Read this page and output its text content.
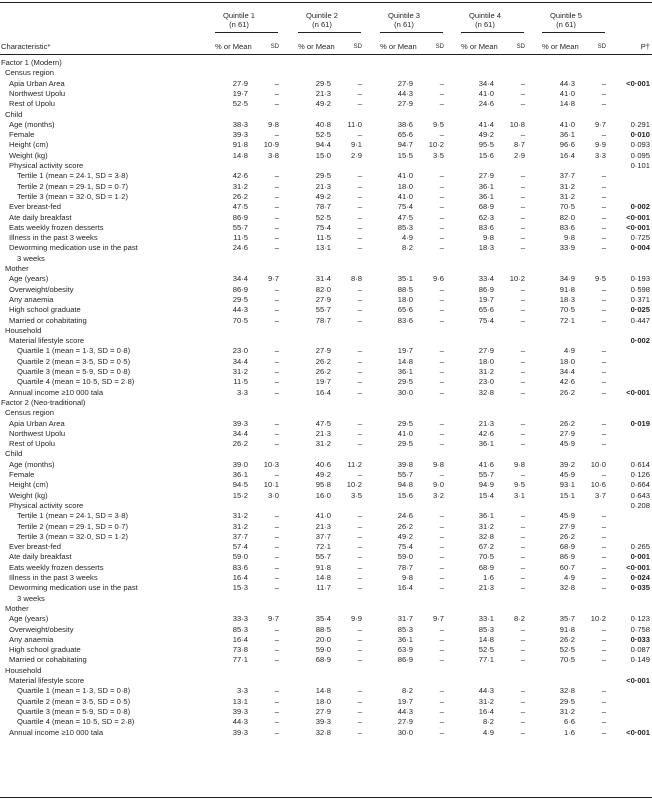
Quintile 1
(n 61)
Quintile 2
(n 61)
Quintile 3
(n 61)
Quintile 4
(n 61)
Quintile 5
(n 61)
Characteristic*	% or Mean	SD	% or Mean	SD % or Mean	SD % or Mean	SD % or Mean	SD	P†
Factor 1 (Modern)
Census region
Apia Urban Area	27·9	–	29·5	–	27·9	–	34·4	–	44·3	–	<0·001
Northwest Upolu	19·7	–	21·3	–	44·3	–	41·0	–	41·0	–
Rest of Upolu	52·5	–	49·2	–	27·9	–	24·6	–	14·8	–
Child
Age (months)	38·3	9·8	40·8	11·0	38·6	9·5	41·4	10·8	41·0	9·7	0·291
Female	39·3	–	52·5	–	65·6	–	49·2	–	36·1	–	0·010
Height (cm)	91·8	10·9	94·4	9·1	94·7	10·2	95·5	8·7	96·6	9·9	0·093
Weight (kg)	14·8	3·8	15·0	2·9	15·5	3·5	15·6	2·9	16·4	3·3	0·095
Physical activity score	0·101
Tertile 1 (mean = 24·1, SD = 3·8)	42·6	–	29·5	–	41·0	–	27·9	–	37·7	–
Tertile 2 (mean = 29·1, SD = 0·7)	31·2	–	21·3	–	18·0	–	36·1	–	31·2	–
Tertile 3 (mean = 32·0, SD = 1·2)	26·2	–	49·2	–	41·0	–	36·1	–	31·2	–
Ever breast-fed	47·5	–	78·7	–	75·4	–	68·9	–	70·5	–	0·002
Ate daily breakfast	86·9	–	52·5	–	47·5	–	62·3	–	82·0	–	<0·001
Eats weekly frozen desserts	55·7	–	75·4	–	85·3	–	83·6	–	83·6	–	<0·001
Illness in the past 3 weeks	11·5	–	11·5	–	4·9	–	9·8	–	9·8	–	0·725
Deworming medication use in the past	24·6	–	13·1	–	8·2	–	18·3	–	33·9	–	0·004
3 weeks
Mother
Age (years)	34·4	9·7	31·4	8·8	35·1	9·6	33·4	10·2	34·9	9·5	0·193
Overweight/obesity	86·9	–	82·0	–	88·5	–	86·9	–	91·8	–	0·598
Any anaemia	29·5	–	27·9	–	18·0	–	19·7	–	18·3	–	0·371
High school graduate	44·3	–	55·7	–	65·6	–	65·6	–	70·5	–	0·025
Married or cohabitating	70·5	–	78·7	–	83·6	–	75·4	–	72·1	–	0·447
Household
Material lifestyle score	0·002
Quartile 1 (mean = 1·3, SD = 0·8)	23·0	–	27·9	–	19·7	–	27·9	–	4·9	–
Quartile 2 (mean = 3·5, SD = 0·5)	34·4	–	26·2	–	14·8	–	18·0	–	18·0	–
Quartile 3 (mean = 5·9, SD = 0·8)	31·2	–	26·2	–	36·1	–	31·2	–	34·4	–
Quartile 4 (mean = 10·5, SD = 2·8)	11·5	–	19·7	–	29·5	–	23·0	–	42·6	–
Annual income ≥10 000 tala	3·3	–	16·4	–	30·0	–	32·8	–	26·2	–	<0·001
Factor 2 (Neo-traditional)
Census region
Apia Urban Area	39·3	–	47·5	–	29·5	–	21·3	–	26·2	–	0·019
Northwest Upolu	34·4	–	21·3	–	41·0	–	42·6	–	27·9	–
Rest of Upolu	26·2	–	31·2	–	29·5	–	36·1	–	45·9	–
Child
Age (months)	39·0	10·3	40·6	11·2	39·8	9·8	41·6	9·8	39·2	10·0	0·614
Female	36·1	–	49·2	–	55·7	–	55·7	–	45·9	–	0·126
Height (cm)	94·5	10·1	95·8	10·2	94·8	9·0	94·9	9·5	93·1	10·6	0·664
Weight (kg)	15·2	3·0	16·0	3·5	15·6	3·2	15·4	3·1	15·1	3·7	0·643
Physical activity score	0·208
Tertile 1 (mean = 24·1, SD = 3·8)	31·2	–	41·0	–	24·6	–	36·1	–	45·9	–
Tertile 2 (mean = 29·1, SD = 0·7)	31·2	–	21·3	–	26·2	–	31·2	–	27·9	–
Tertile 3 (mean = 32·0, SD = 1·2)	37·7	–	37·7	–	49·2	–	32·8	–	26·2	–
Ever breast-fed	57·4	–	72·1	–	75·4	–	67·2	–	68·9	–	0·265
Ate daily breakfast	59·0	–	55·7	–	59·0	–	70·5	–	86·9	–	0·001
Eats weekly frozen desserts	83·6	–	91·8	–	78·7	–	68·9	–	60·7	–	<0·001
Illness in the past 3 weeks	16·4	–	14·8	–	9·8	–	1·6	–	4·9	–	0·024
Deworming medication use in the past	15·3	–	11·7	–	16·4	–	21·3	–	32·8	–	0·035
3 weeks
Mother
Age (years)	33·3	9·7	35·4	9·9	31·7	9·7	33·1	8·2	35·7	10·2	0·123
Overweight/obesity	85·3	–	88·5	–	85·3	–	85·3	–	91·8	–	0·758
Any anaemia	16·4	–	20·0	–	36·1	–	14·8	–	26·2	–	0·033
High school graduate	73·8	–	59·0	–	63·9	–	52·5	–	52·5	–	0·087
Married or cohabitating	77·1	–	68·9	–	86·9	–	77·1	–	70·5	–	0·149
Household
Material lifestyle score	<0·001
Quartile 1 (mean = 1·3, SD = 0·8)	3·3	–	14·8	–	8·2	–	44·3	–	32·8	–
Quartile 2 (mean = 3·5, SD = 0·5)	13·1	–	18·0	–	19·7	–	31·2	–	29·5	–
Quartile 3 (mean = 5·9, SD = 0·8)	39·3	–	27·9	–	44·3	–	16·4	–	31·2	–
Quartile 4 (mean = 10·5, SD = 2·8)	44·3	–	39·3	–	27·9	–	8·2	–	6·6	–
Annual income ≥10 000 tala	39·3	–	32·8	–	30·0	–	4·9	–	1·6	–	<0·001
